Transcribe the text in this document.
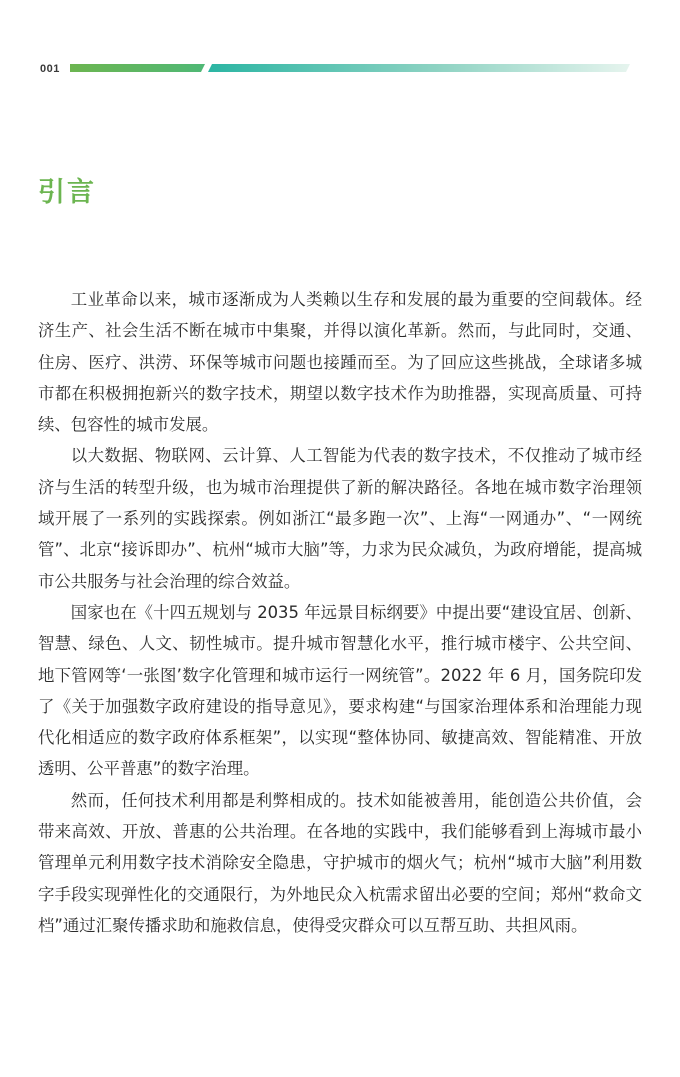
001
引言

工业革命以来，城市逐渐成为人类赖以生存和发展的最为重要的空间载体。经济生产、社会生活不断在城市中集聚，并得以演化革新。然而，与此同时，交通、住房、医疗、洪涝、环保等城市问题也接踵而至。为了回应这些挑战，全球诸多城市都在积极拥抱新兴的数字技术，期望以数字技术作为助推器，实现高质量、可持续、包容性的城市发展。

以大数据、物联网、云计算、人工智能为代表的数字技术，不仅推动了城市经济与生活的转型升级，也为城市治理提供了新的解决路径。各地在城市数字治理领域开展了一系列的实践探索。例如浙江“最多跑一次”、上海“一网通办”、“一网统管”、北京“接诉即办”、杭州“城市大脑”等，力求为民众减负，为政府增能，提高城市公共服务与社会治理的综合效益。

国家也在《十四五规划与 2035 年远景目标纲要》中提出要“建设宜居、创新、智慧、绿色、人文、韧性城市。提升城市智慧化水平，推行城市楼宇、公共空间、地下管网等‘一张图’数字化管理和城市运行一网统管”。2022 年 6 月，国务院印发了《关于加强数字政府建设的指导意见》，要求构建“与国家治理体系和治理能力现代化相适应的数字政府体系框架”，以实现“整体协同、敏捷高效、智能精准、开放透明、公平普惠”的数字治理。

然而，任何技术利用都是利弊相成的。技术如能被善用，能创造公共价值，会带来高效、开放、普惠的公共治理。在各地的实践中，我们能够看到上海城市最小管理单元利用数字技术消除安全隐患，守护城市的烟火气；杭州“城市大脑”利用数字手段实现弹性化的交通限行，为外地民众入杭需求留出必要的空间；郑州“救命文档”通过汇聚传播求助和施救信息，使得受灾群众可以互帮互助、共担风雨。
